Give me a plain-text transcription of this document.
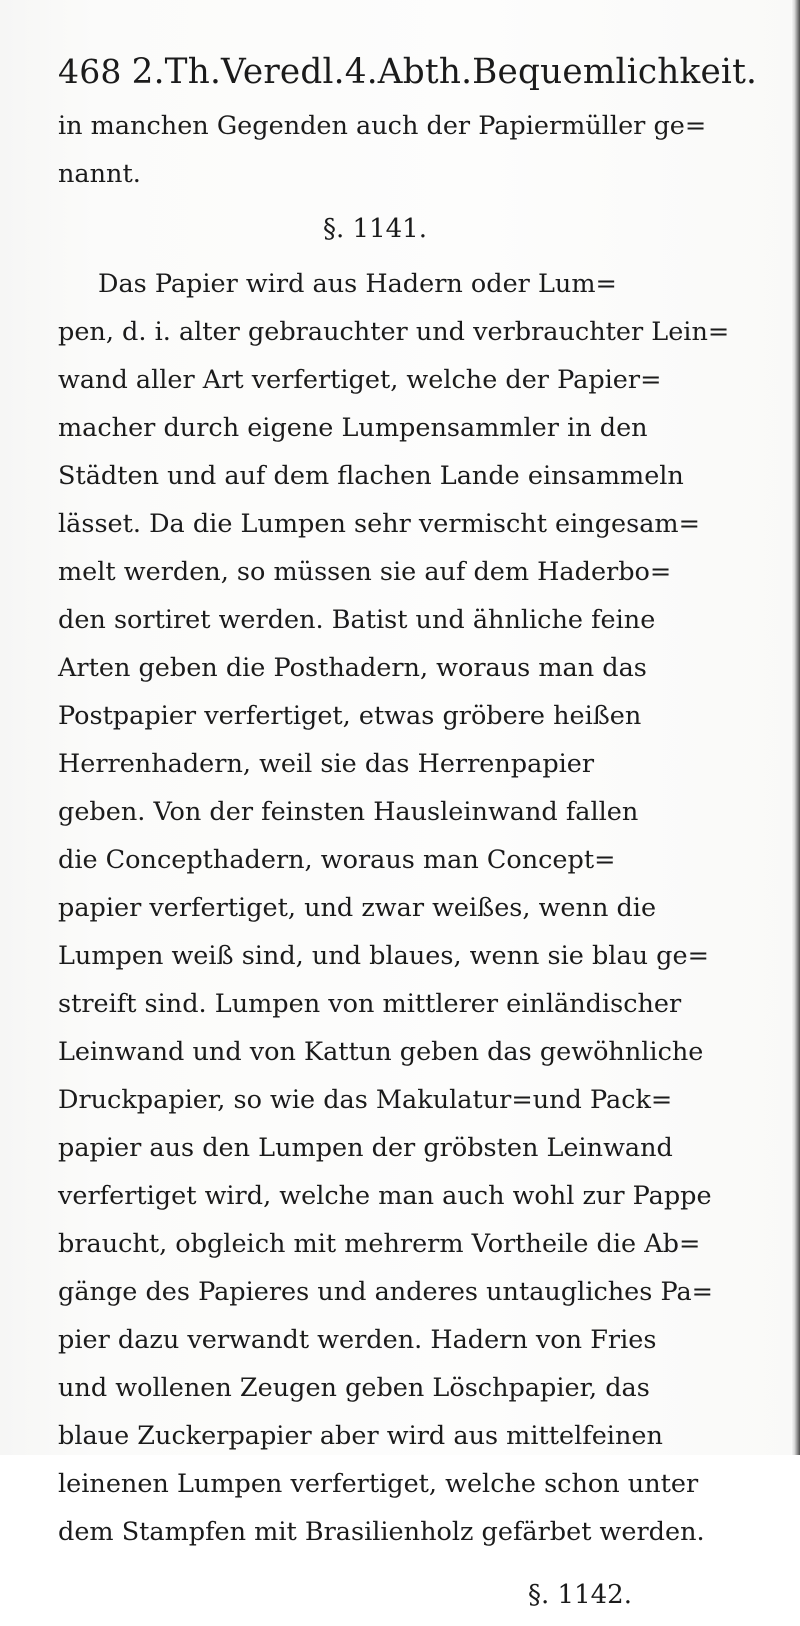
468 2.Th.Veredl.4.Abth.Bequemlichkeit.
in manchen Gegenden auch der Papiermüller ge=
nannt.
§. 1141.
Das Papier wird aus Hadern oder Lum=
pen, d. i. alter gebrauchter und verbrauchter Lein=
wand aller Art verfertiget, welche der Papier=
macher durch eigene Lumpensammler in den
Städten und auf dem flachen Lande einsammeln
lässet. Da die Lumpen sehr vermischt eingesam=
melt werden, so müssen sie auf dem Haderbo=
den sortiret werden. Batist und ähnliche feine
Arten geben die Posthadern, woraus man das
Postpapier verfertiget, etwas gröbere heißen
Herrenhadern, weil sie das Herrenpapier
geben. Von der feinsten Hausleinwand fallen
die Concepthadern, woraus man Concept=
papier verfertiget, und zwar weißes, wenn die
Lumpen weiß sind, und blaues, wenn sie blau ge=
streift sind. Lumpen von mittlerer einländischer
Leinwand und von Kattun geben das gewöhnliche
Druckpapier, so wie das Makulatur=und Pack=
papier aus den Lumpen der gröbsten Leinwand
verfertiget wird, welche man auch wohl zur Pappe
braucht, obgleich mit mehrerm Vortheile die Ab=
gänge des Papieres und anderes untaugliches Pa=
pier dazu verwandt werden. Hadern von Fries
und wollenen Zeugen geben Löschpapier, das
blaue Zuckerpapier aber wird aus mittelfeinen
leinenen Lumpen verfertiget, welche schon unter
dem Stampfen mit Brasilienholz gefärbet werden.
§. 1142.
